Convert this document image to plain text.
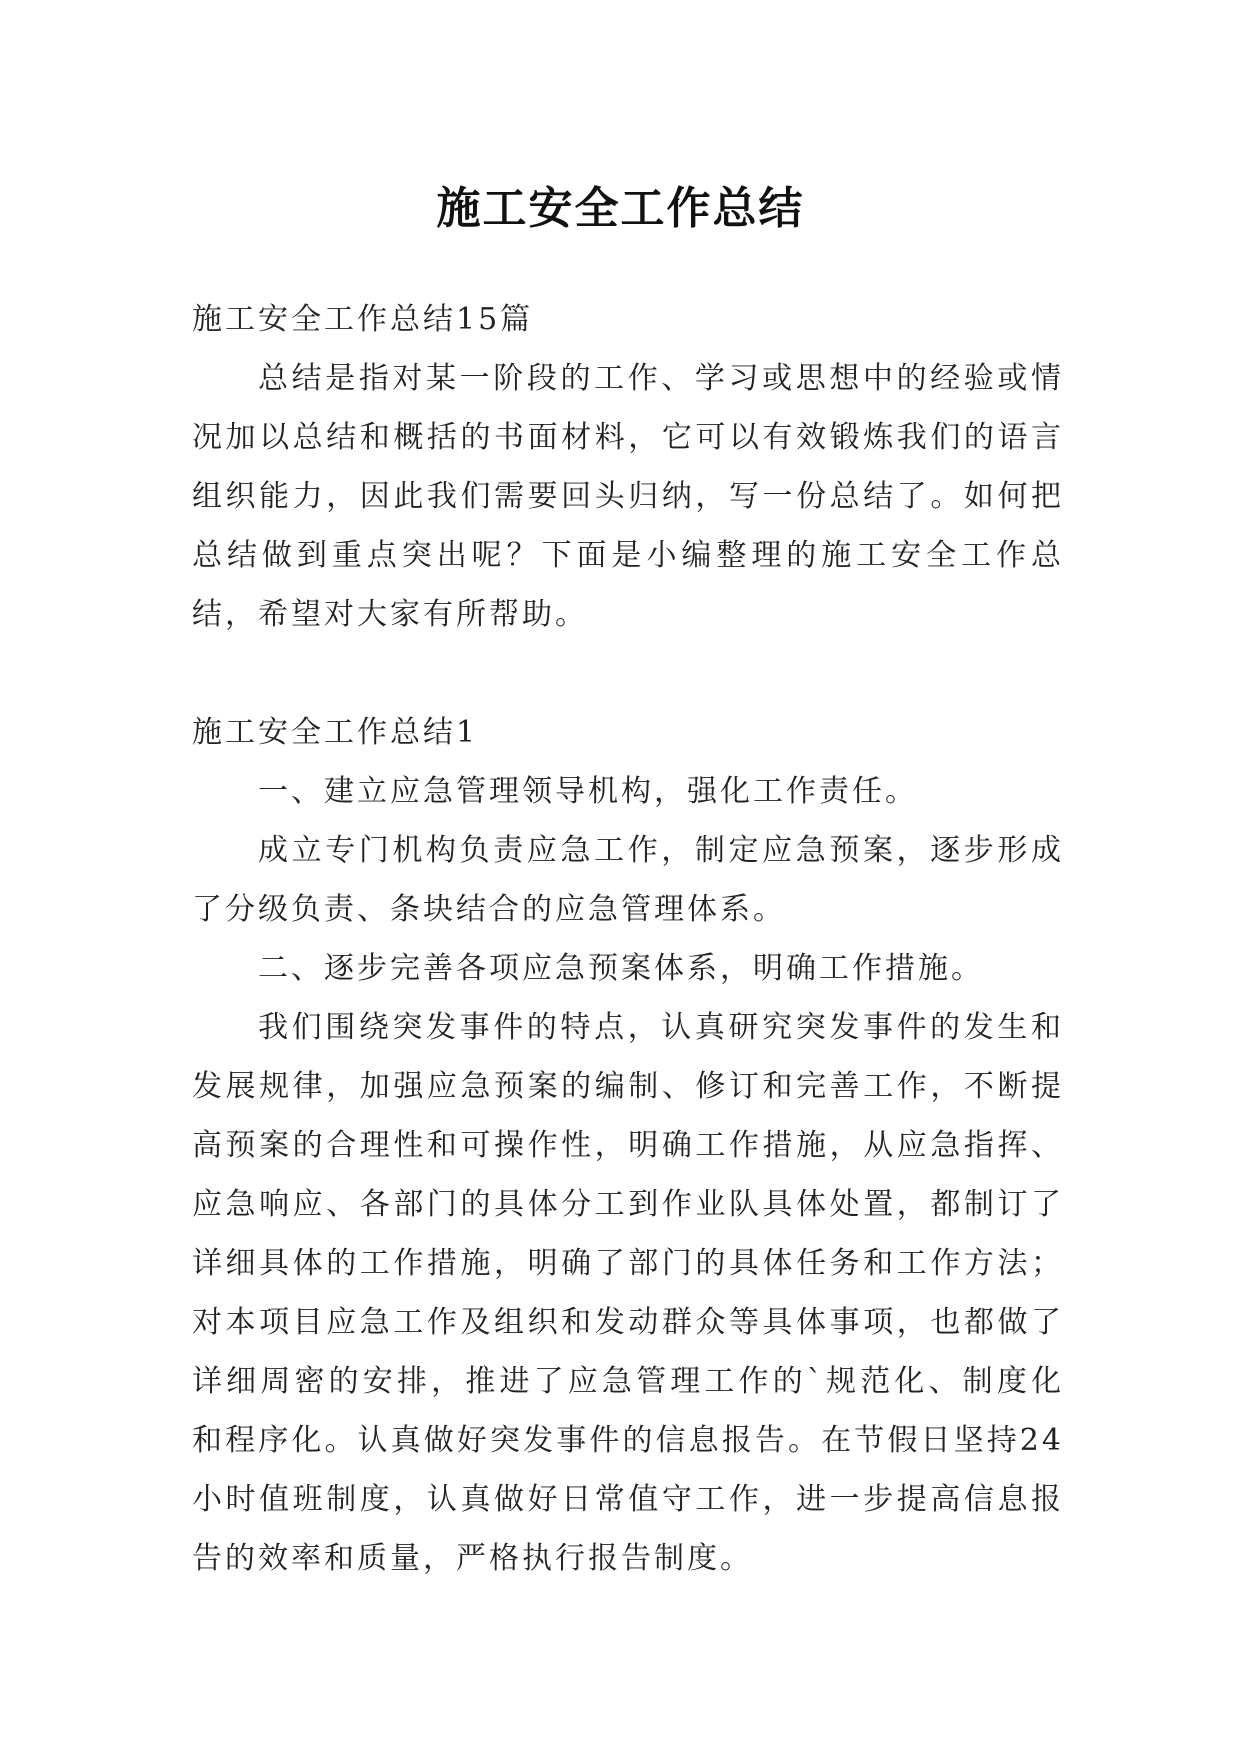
施工安全工作总结

施工安全工作总结15篇

总结是指对某一阶段的工作、学习或思想中的经验或情况加以总结和概括的书面材料，它可以有效锻炼我们的语言组织能力，因此我们需要回头归纳，写一份总结了。如何把总结做到重点突出呢？下面是小编整理的施工安全工作总结，希望对大家有所帮助。

施工安全工作总结1

一、建立应急管理领导机构，强化工作责任。

成立专门机构负责应急工作，制定应急预案，逐步形成了分级负责、条块结合的应急管理体系。

二、逐步完善各项应急预案体系，明确工作措施。

我们围绕突发事件的特点，认真研究突发事件的发生和发展规律，加强应急预案的编制、修订和完善工作，不断提高预案的合理性和可操作性，明确工作措施，从应急指挥、应急响应、各部门的具体分工到作业队具体处置，都制订了详细具体的工作措施，明确了部门的具体任务和工作方法；对本项目应急工作及组织和发动群众等具体事项，也都做了详细周密的安排，推进了应急管理工作的`规范化、制度化和程序化。认真做好突发事件的信息报告。在节假日坚持24小时值班制度，认真做好日常值守工作，进一步提高信息报告的效率和质量，严格执行报告制度。
